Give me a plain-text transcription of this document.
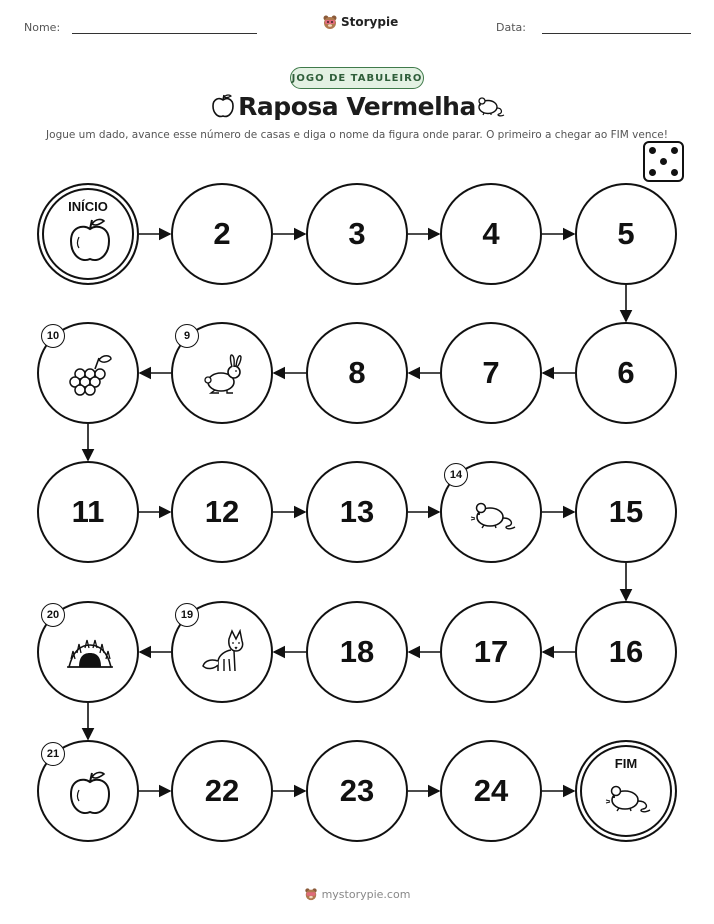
Nome:	Data:
Storypie
JOGO DE TABULEIRO
Raposa Vermelha
Jogue um dado, avance esse número de casas e diga o nome da figura onde parar. O primeiro a chegar ao FIM vence!
INÍCIO
2	3	4	5
6
7
8
9
10
11	12	13
14
15
16
17
18
19
20
21
22	23	24
FIM
mystorypie.com
